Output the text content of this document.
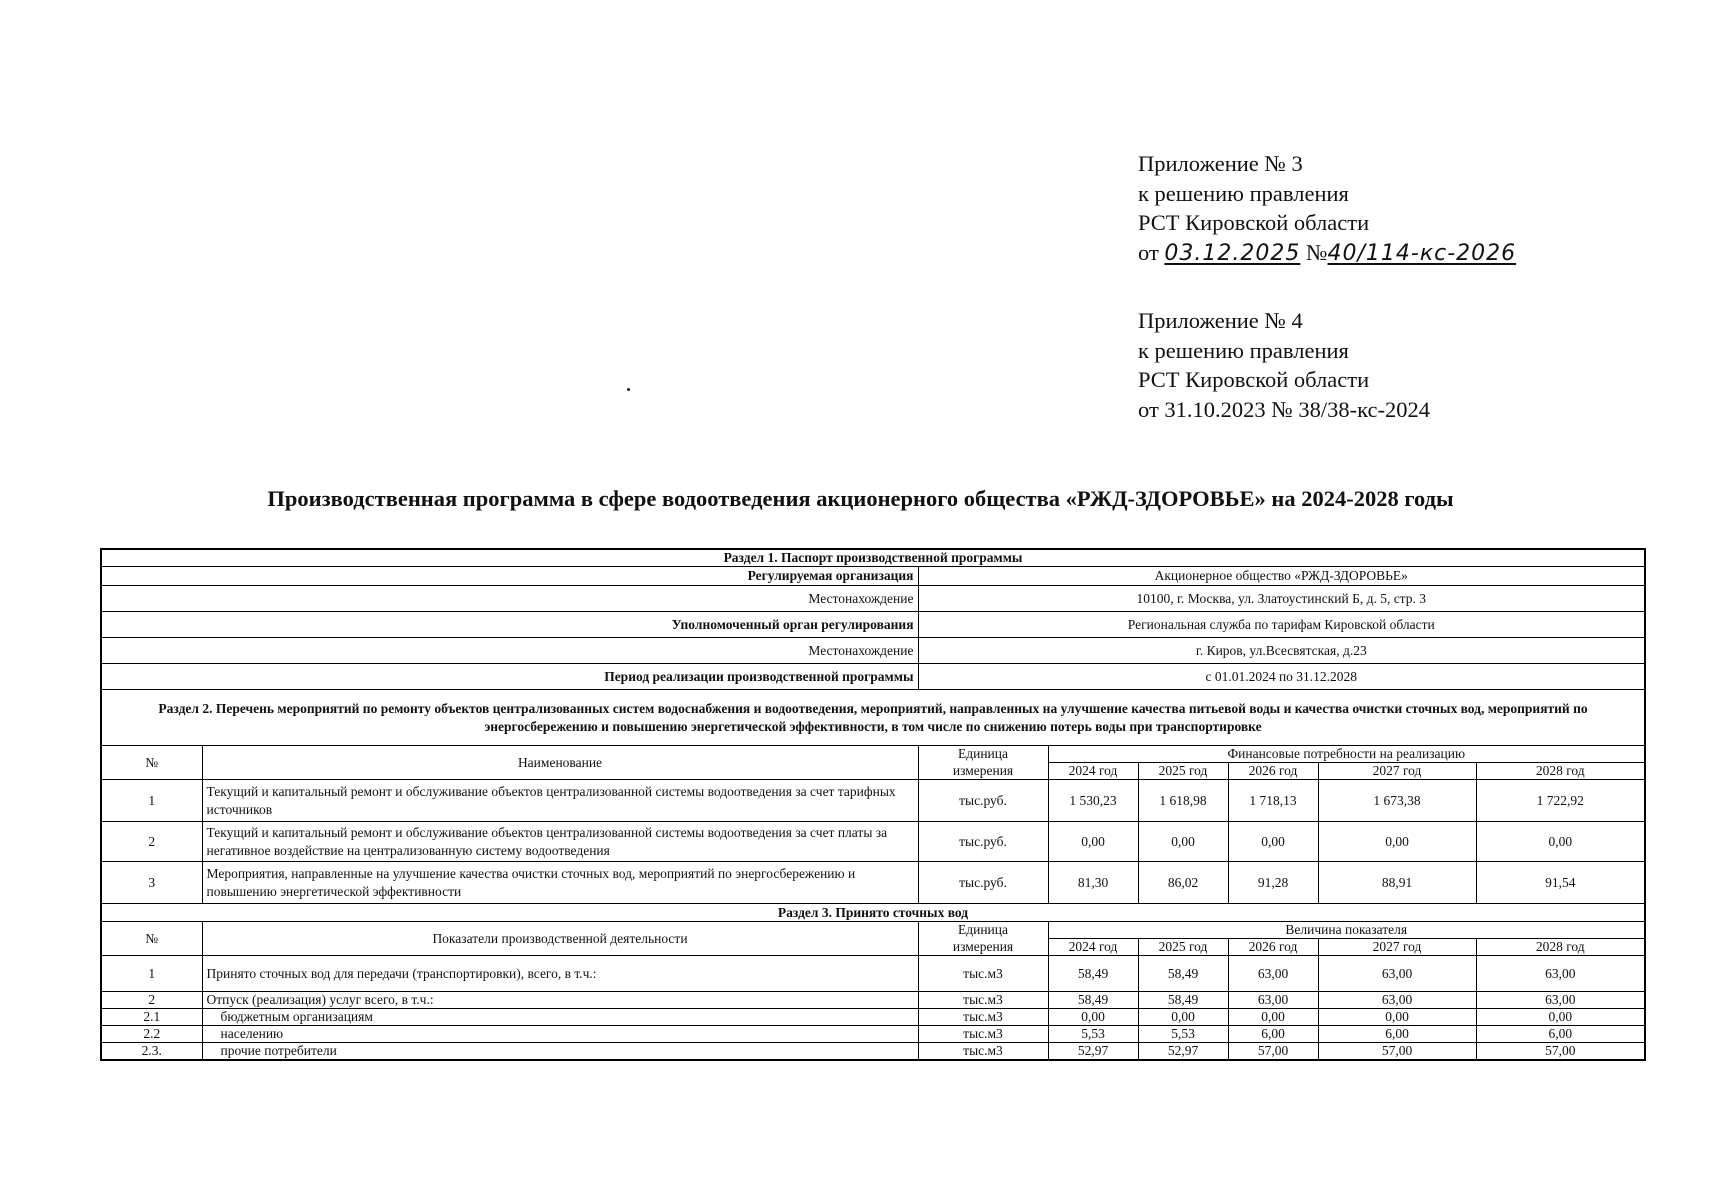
Приложение № 3
к решению правления
РСТ Кировской области
от 03.12.2025 №40/114-кс-2026
Приложение № 4
к решению правления
РСТ Кировской области
от 31.10.2023 № 38/38-кс-2024
Производственная программа в сфере водоотведения акционерного общества «РЖД-ЗДОРОВЬЕ» на 2024-2028 годы
Раздел 1. Паспорт производственной программы							
Регулируемая организация		Акционерное общество «РЖД-ЗДОРОВЬЕ»					
Местонахождение		10100, г. Москва, ул. Златоустинский Б, д. 5, стр. 3					
Уполномоченный орган регулирования		Региональная служба по тарифам Кировской области					
Местонахождение		г. Киров, ул.Всесвятская, д.23					
Период реализации производственной программы		с 01.01.2024 по 31.12.2028					
Раздел 2. Перечень мероприятий по ремонту объектов централизованных систем водоснабжения и водоотведения, мероприятий, направленных на улучшение качества питьевой воды и качества очистки сточных вод, мероприятий по энергосбережению и повышению энергетической эффективности, в том числе по снижению потерь воды при транспортировке							
№	Наименование	Единица	Финансовые потребности на реализацию				
		измерения	2024 год	2025 год	2026 год	2027 год	2028 год
1	Текущий и капитальный ремонт и обслуживание объектов централизованной системы водоотведения за счет тарифных источников	тыс.руб.	1 530,23	1 618,98	1 718,13	1 673,38	1 722,92
2	Текущий и капитальный ремонт и обслуживание объектов централизованной системы водоотведения за счет платы за негативное воздействие на централизованную систему водоотведения	тыс.руб.	0,00	0,00	0,00	0,00	0,00
3	Мероприятия, направленные на улучшение качества очистки сточных вод, мероприятий по энергосбережению и повышению энергетической эффективности	тыс.руб.	81,30	86,02	91,28	88,91	91,54
Раздел 3. Принято сточных вод							
№	Показатели производственной деятельности	Единица	Величина показателя				
		измерения	2024 год	2025 год	2026 год	2027 год	2028 год
1	Принято сточных вод для передачи (транспортировки), всего, в т.ч.:	тыс.м3	58,49	58,49	63,00	63,00	63,00
2	Отпуск (реализация) услуг всего, в т.ч.:	тыс.м3	58,49	58,49	63,00	63,00	63,00
2.1	бюджетным организациям	тыс.м3	0,00	0,00	0,00	0,00	0,00
2.2	населению	тыс.м3	5,53	5,53	6,00	6,00	6,00
2.3.	прочие потребители	тыс.м3	52,97	52,97	57,00	57,00	57,00
